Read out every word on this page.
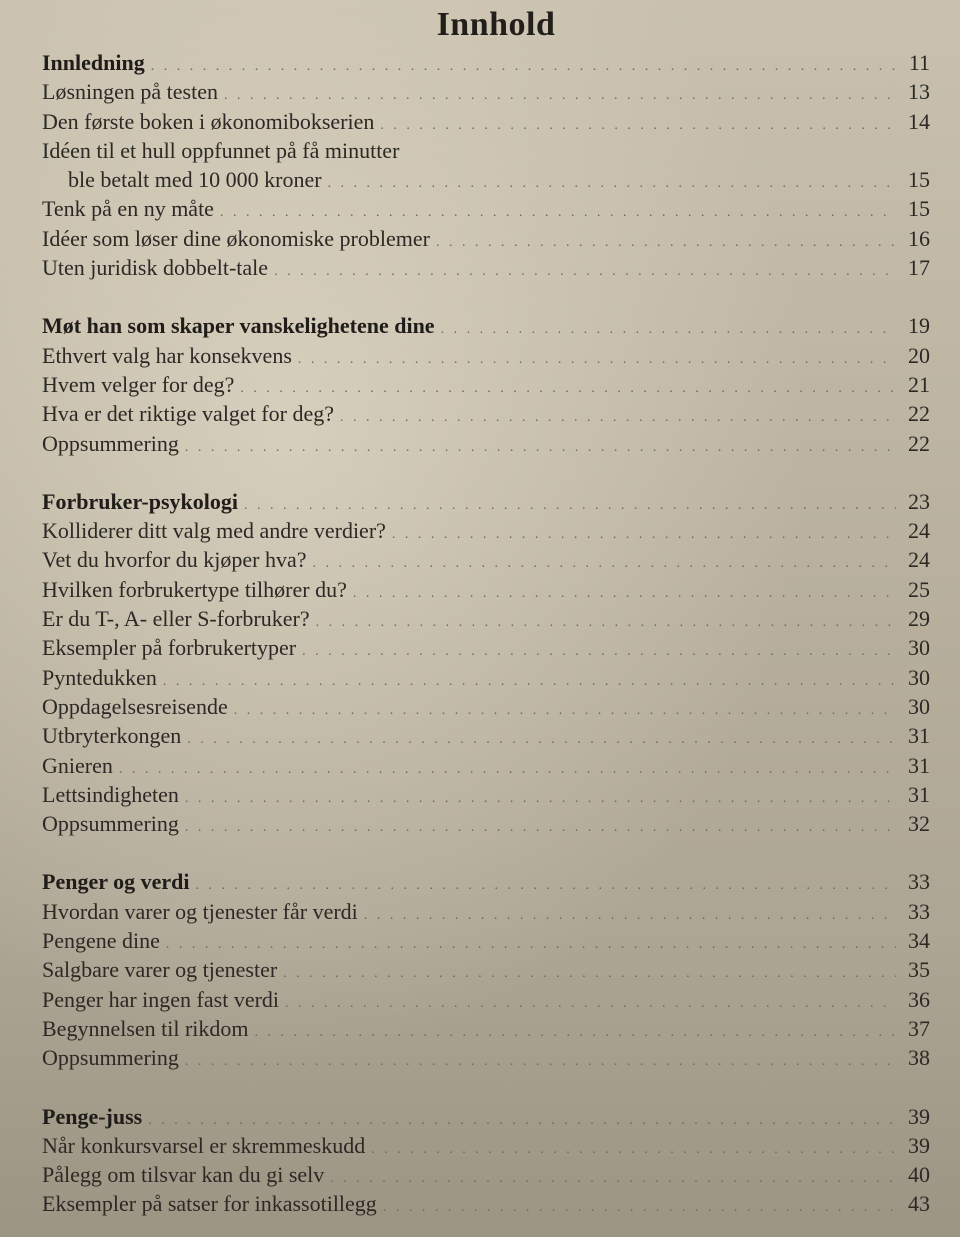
Innhold
Innledning . . .	11
Løsningen på testen . . .	13
Den første boken i økonomibokserien . . .	14
Idéen til et hull oppfunnet på få minutter
ble betalt med 10 000 kroner . . .	15
Tenk på en ny måte . . .	15
Idéer som løser dine økonomiske problemer . . .	16
Uten juridisk dobbelt-tale . . .	17
Møt han som skaper vanskelighetene dine . . .	19
Ethvert valg har konsekvens . . .	20
Hvem velger for deg? . . .	21
Hva er det riktige valget for deg? . . .	22
Oppsummering . . .	22
Forbruker-psykologi . . .	23
Kolliderer ditt valg med andre verdier? . . .	24
Vet du hvorfor du kjøper hva? . . .	24
Hvilken forbrukertype tilhører du? . . .	25
Er du T-, A- eller S-forbruker? . . .	29
Eksempler på forbrukertyper . . .	30
Pyntedukken . . .	30
Oppdagelsesreisende . . .	30
Utbryterkongen . . .	31
Gnieren . . .	31
Lettsindigheten . . .	31
Oppsummering . . .	32
Penger og verdi . . .	33
Hvordan varer og tjenester får verdi . . .	33
Pengene dine . . .	34
Salgbare varer og tjenester . . .	35
Penger har ingen fast verdi . . .	36
Begynnelsen til rikdom . . .	37
Oppsummering . . .	38
Penge-juss . . .	39
Når konkursvarsel er skremmeskudd . . .	39
Pålegg om tilsvar kan du gi selv . . .	40
Eksempler på satser for inkassotillegg . . .	43
